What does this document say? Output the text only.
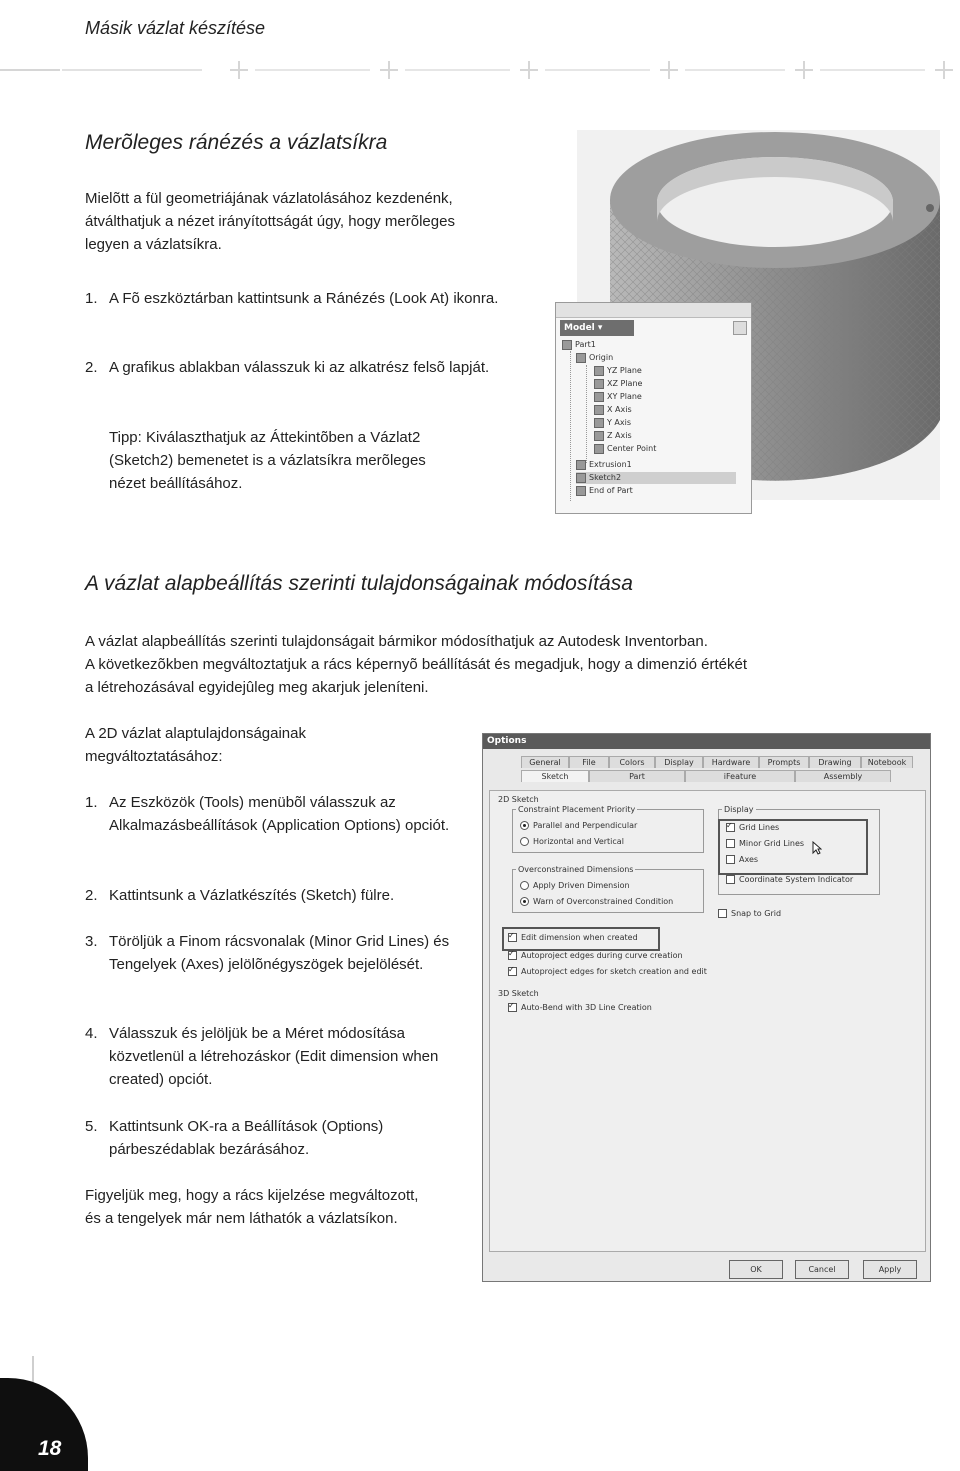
Másik vázlat készítése
Merõleges ránézés a vázlatsíkra

Mielõtt a fül geometriájának vázlatolásához kezdenénk,
átválthatjuk a nézet irányítottságát úgy, hogy merõleges
legyen a vázlatsíkra.

1. A Fõ eszköztárban kattintsunk a Ránézés (Look At) ikonra.

2. A grafikus ablakban válasszuk ki az alkatrész felsõ lapját.

Tipp: Kiválaszthatjuk az Áttekintõben a Vázlat2
(Sketch2) bemenetet is a vázlatsíkra merõleges
nézet beállításához.

Model ▾
Part1
Origin
YZ Plane
XZ Plane
XY Plane
X Axis
Y Axis
Z Axis
Center Point
Extrusion1
Sketch2
End of Part
A vázlat alapbeállítás szerinti tulajdonságainak módosítása

A vázlat alapbeállítás szerinti tulajdonságait bármikor módosíthatjuk az Autodesk Inventorban.
A következõkben megváltoztatjuk a rács képernyõ beállítását és megadjuk, hogy a dimenzió értékét
a létrehozásával egyidejûleg meg akarjuk jeleníteni.

A 2D vázlat alaptulajdonságainak
megváltoztatásához:

1. Az Eszközök (Tools) menübõl válasszuk az Alkalmazásbeállítások (Application Options) opciót.

2. Kattintsunk a Vázlatkészítés (Sketch) fülre.

3. Töröljük a Finom rácsvonalak (Minor Grid Lines) és Tengelyek (Axes) jelölõnégyszögek bejelölését.

4. Válasszuk és jelöljük be a Méret módosítása közvetlenül a létrehozáskor (Edit dimension when created) opciót.

5. Kattintsunk OK-ra a Beállítások (Options) párbeszédablak bezárásához.

Figyeljük meg, hogy a rács kijelzése megváltozott,
és a tengelyek már nem láthatók a vázlatsíkon.

Options
General	File	Colors	Display	Hardware	Prompts	Drawing	Notebook
Sketch	Part	iFeature	Assembly
2D Sketch
Constraint Placement Priority
Parallel and Perpendicular
Horizontal and Vertical
Overconstrained Dimensions
Apply Driven Dimension
Warn of Overconstrained Condition
Display
✓Grid Lines
Minor Grid Lines
Axes
Coordinate System Indicator
Snap to Grid
✓Edit dimension when created
✓Autoproject edges during curve creation
✓Autoproject edges for sketch creation and edit
3D Sketch
✓Auto-Bend with 3D Line Creation
OK	Cancel	Apply
18
